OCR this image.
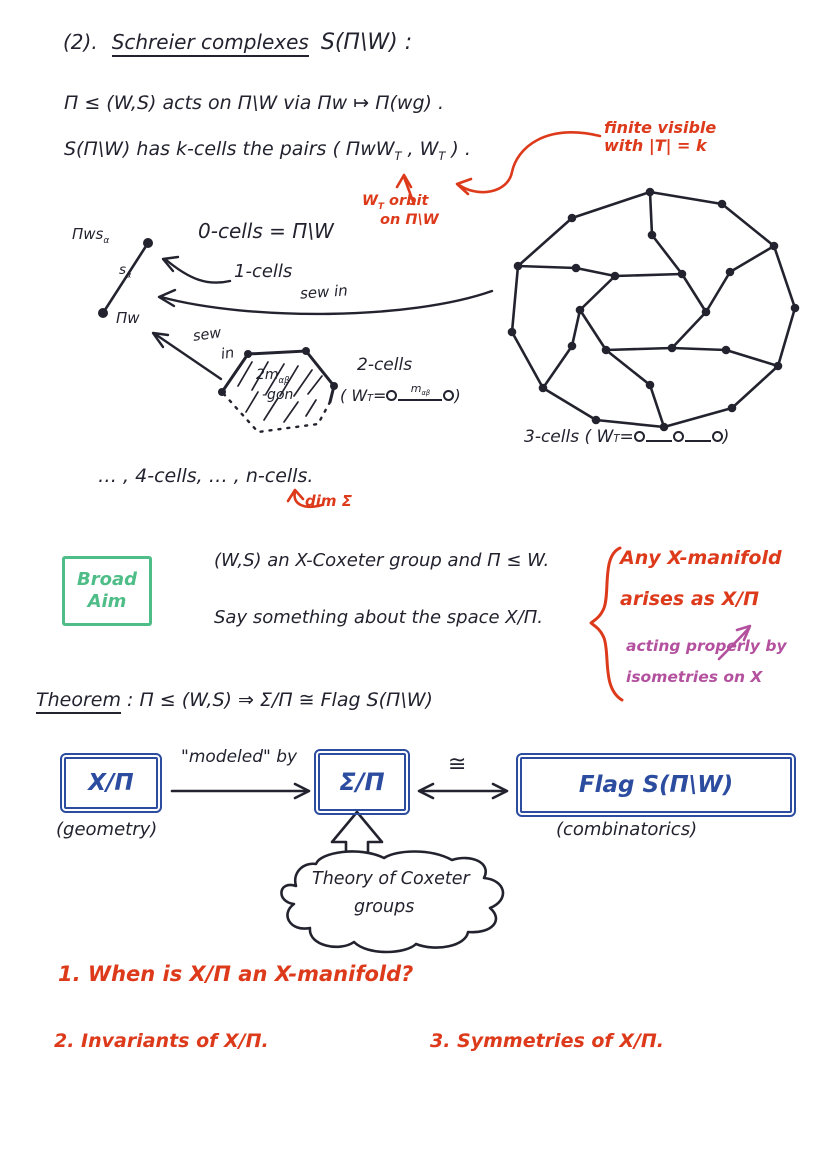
(2). Schreier complexes S(Π\W) :
Π ≤ (W,S) acts on Π\W via Πw ↦ Π(wg) .
S(Π\W) has k-cells the pairs ( ΠwW$_T$ , $W_T$ ) .
finite visible
with |T| = k
$W_T$ orbit
on Π\W
0-cells = Π\W
Πws$_\alpha$
$s_\alpha$
Πw
1-cells
sew in
sew
in
$2m_{\alpha\beta}$
-gon
2-cells
( W $T = m_{\alpha\beta}$ )
3-cells ( W T =	)
… , 4-cells, … , n-cells.
dim Σ
Broad
Aim
(W,S) an X-Coxeter group and Π ≤ W.
Say something about the space X/Π.
Any X-manifold
arises as X/Π
acting properly by
isometries on X
Theorem : Π ≤ (W,S) ⇒ Σ/Π ≅ Flag S(Π\W)
X/Π
"modeled" by
Σ/Π
≅
Flag S(Π\W)
(geometry)	(combinatorics)
Theory of Coxeter
groups
1. When is X/Π an X-manifold?
2. Invariants of X/Π.	3. Symmetries of X/Π.
